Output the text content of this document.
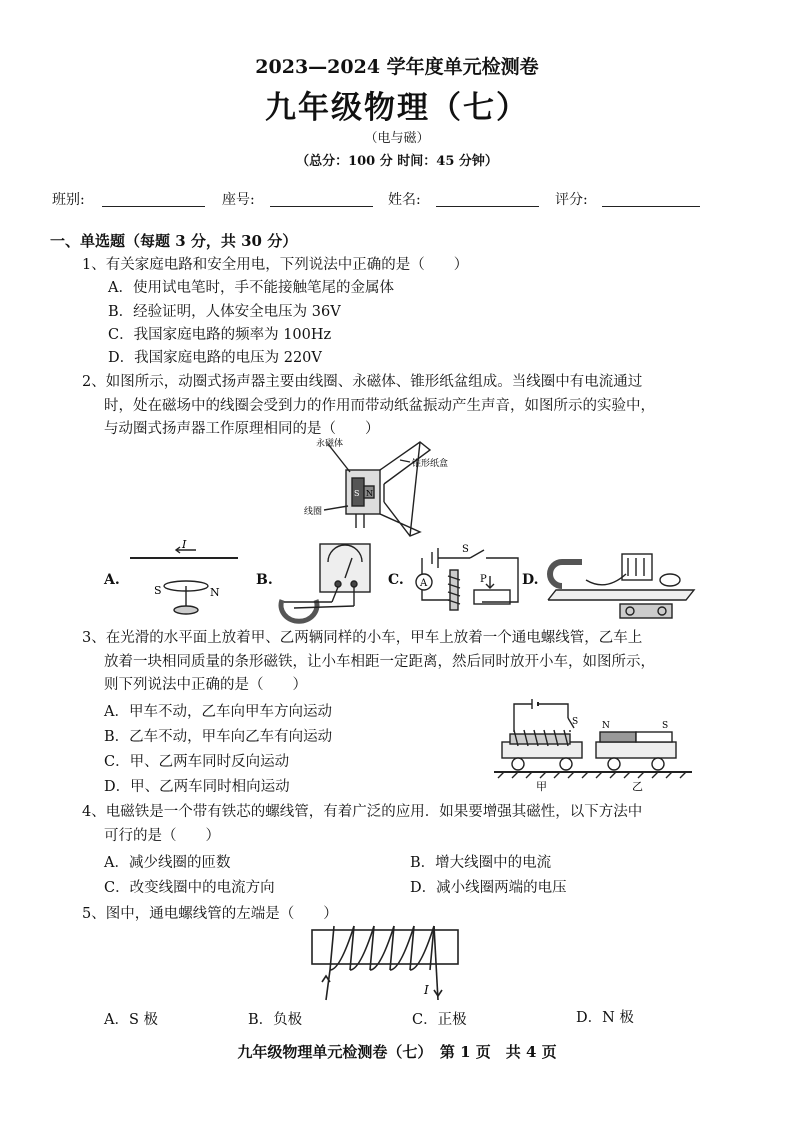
2023—2024 学年度单元检测卷
九年级物理（七）
（电与磁）
（总分：100 分 时间：45 分钟）
班别:	座号:	姓名:	评分:
一、单选题（每题 3 分，共 30 分）
1、有关家庭电路和安全用电，下列说法中正确的是（　　）
A．使用试电笔时，手不能接触笔尾的金属体
B．经验证明，人体安全电压为 36V
C．我国家庭电路的频率为 100Hz
D．我国家庭电路的电压为 220V
2、如图所示，动圈式扬声器主要由线圈、永磁体、锥形纸盆组成。当线圈中有电流通过
时，处在磁场中的线圈会受到力的作用而带动纸盆振动产生声音，如图所示的实验中，
与动圈式扬声器工作原理相同的是（　　）
永磁体
锥形纸盒
线圈
N
S
A.
I
S	N
B.	C. A
S
P	D.
3、在光滑的水平面上放着甲、乙两辆同样的小车，甲车上放着一个通电螺线管，乙车上
放着一块相同质量的条形磁铁，让小车相距一定距离，然后同时放开小车，如图所示，
则下列说法中正确的是（　　）
A．甲车不动，乙车向甲车方向运动
B．乙车不动，甲车向乙车有向运动
C．甲、乙两车同时反向运动
D．甲、乙两车同时相向运动
S	N	S
甲	乙
4、电磁铁是一个带有铁芯的螺线管，有着广泛的应用．如果要增强其磁性，以下方法中
可行的是（　　）
A．减少线圈的匝数	B．增大线圈中的电流
C．改变线圈中的电流方向	D．减小线圈两端的电压
5、图中，通电螺线管的左端是（　　）
I
A．S 极	B．负极	C．正极	D．N 极
九年级物理单元检测卷（七）　第 1 页　共 4 页
